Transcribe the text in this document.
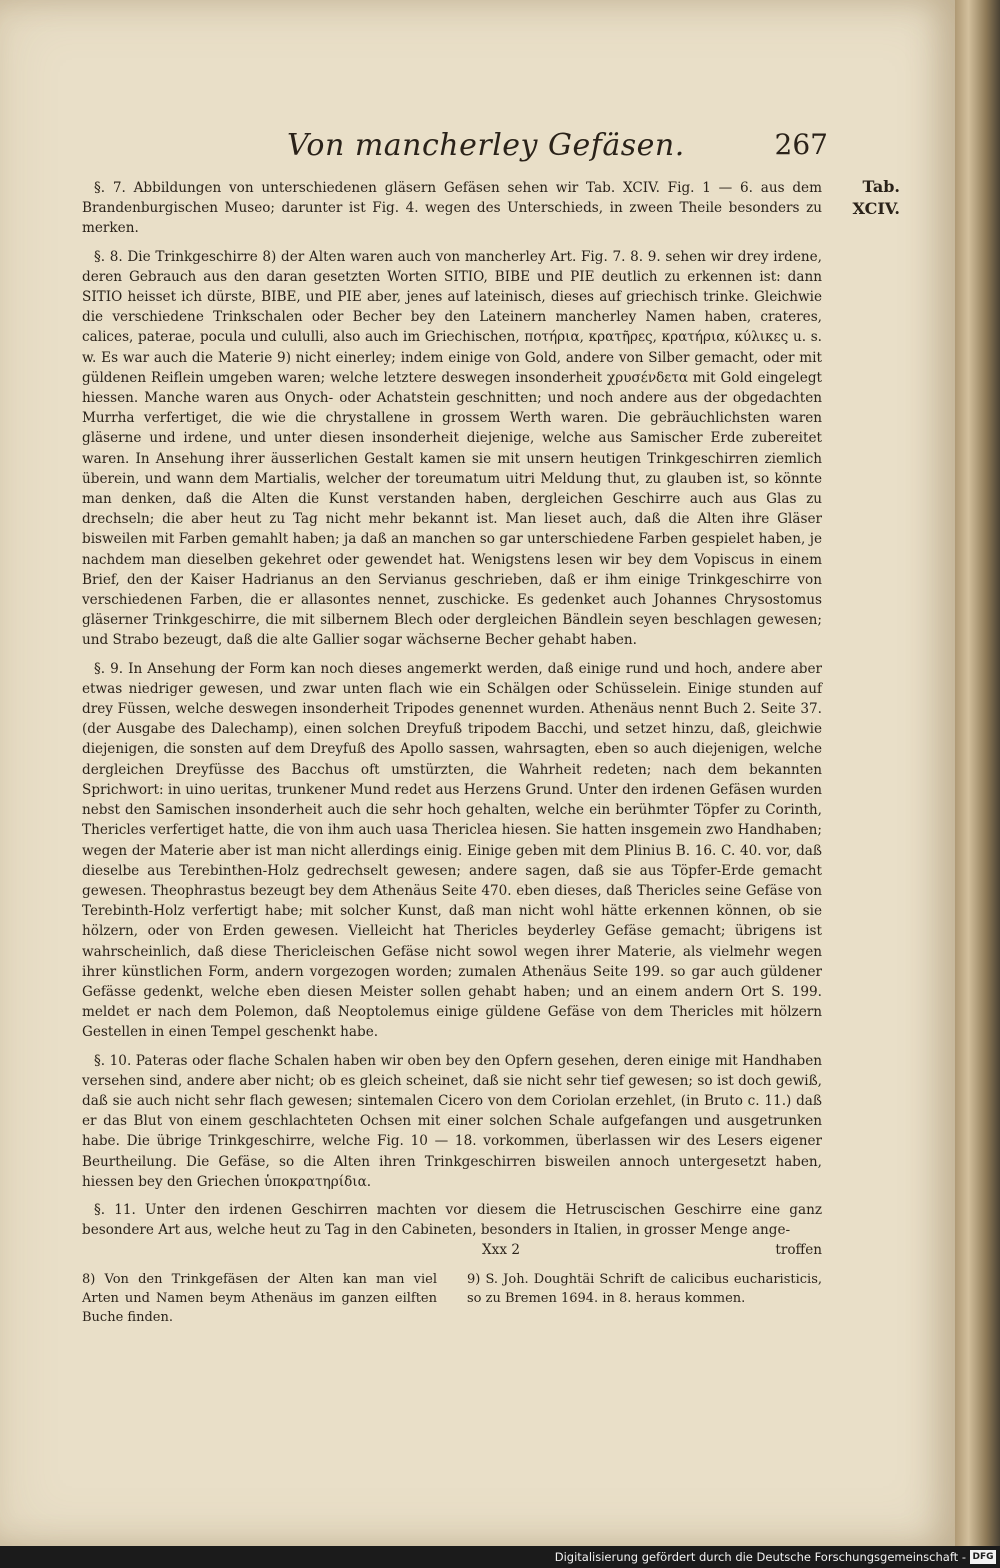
Von mancherley Gefäsen.	267
Tab.
XCIV.

§. 7. Abbildungen von unterschiedenen gläsern Gefäsen sehen wir Tab. XCIV. Fig. 1 — 6. aus dem Brandenburgischen Museo; darunter ist Fig. 4. wegen des Unterschieds, in zween Theile besonders zu merken.

§. 8. Die Trinkgeschirre 8) der Alten waren auch von mancherley Art. Fig. 7. 8. 9. sehen wir drey irdene, deren Gebrauch aus den daran gesetzten Worten SITIO, BIBE und PIE deutlich zu erkennen ist: dann SITIO heisset ich dürste, BIBE, und PIE aber, jenes auf lateinisch, dieses auf griechisch trinke. Gleichwie die verschiedene Trinkschalen oder Becher bey den Lateinern mancherley Namen haben, crateres, calices, paterae, pocula und cululli, also auch im Griechischen, ποτήρια, κρατῆρες, κρατήρια, κύλικες u. s. w. Es war auch die Materie 9) nicht einerley; indem einige von Gold, andere von Silber gemacht, oder mit güldenen Reiflein umgeben waren; welche letztere deswegen insonderheit χρυσένδετα mit Gold eingelegt hiessen. Manche waren aus Onych- oder Achatstein geschnitten; und noch andere aus der obgedachten Murrha verfertiget, die wie die chrystallene in grossem Werth waren. Die gebräuchlichsten waren gläserne und irdene, und unter diesen insonderheit diejenige, welche aus Samischer Erde zubereitet waren. In Ansehung ihrer äusserlichen Gestalt kamen sie mit unsern heutigen Trinkgeschirren ziemlich überein, und wann dem Martialis, welcher der toreumatum uitri Meldung thut, zu glauben ist, so könnte man denken, daß die Alten die Kunst verstanden haben, dergleichen Geschirre auch aus Glas zu drechseln; die aber heut zu Tag nicht mehr bekannt ist. Man lieset auch, daß die Alten ihre Gläser bisweilen mit Farben gemahlt haben; ja daß an manchen so gar unterschiedene Farben gespielet haben, je nachdem man dieselben gekehret oder gewendet hat. Wenigstens lesen wir bey dem Vopiscus in einem Brief, den der Kaiser Hadrianus an den Servianus geschrieben, daß er ihm einige Trinkgeschirre von verschiedenen Farben, die er allasontes nennet, zuschicke. Es gedenket auch Johannes Chrysostomus gläserner Trinkgeschirre, die mit silbernem Blech oder dergleichen Bändlein seyen beschlagen gewesen; und Strabo bezeugt, daß die alte Gallier sogar wächserne Becher gehabt haben.

§. 9. In Ansehung der Form kan noch dieses angemerkt werden, daß einige rund und hoch, andere aber etwas niedriger gewesen, und zwar unten flach wie ein Schälgen oder Schüsselein. Einige stunden auf drey Füssen, welche deswegen insonderheit Tripodes genennet wurden. Athenäus nennt Buch 2. Seite 37. (der Ausgabe des Dalechamp), einen solchen Dreyfuß tripodem Bacchi, und setzet hinzu, daß, gleichwie diejenigen, die sonsten auf dem Dreyfuß des Apollo sassen, wahrsagten, eben so auch diejenigen, welche dergleichen Dreyfüsse des Bacchus oft umstürzten, die Wahrheit redeten; nach dem bekannten Sprichwort: in uino ueritas, trunkener Mund redet aus Herzens Grund. Unter den irdenen Gefäsen wurden nebst den Samischen insonderheit auch die sehr hoch gehalten, welche ein berühmter Töpfer zu Corinth, Thericles verfertiget hatte, die von ihm auch uasa Thericlea hiesen. Sie hatten insgemein zwo Handhaben; wegen der Materie aber ist man nicht allerdings einig. Einige geben mit dem Plinius B. 16. C. 40. vor, daß dieselbe aus Terebinthen-Holz gedrechselt gewesen; andere sagen, daß sie aus Töpfer-Erde gemacht gewesen. Theophrastus bezeugt bey dem Athenäus Seite 470. eben dieses, daß Thericles seine Gefäse von Terebinth-Holz verfertigt habe; mit solcher Kunst, daß man nicht wohl hätte erkennen können, ob sie hölzern, oder von Erden gewesen. Vielleicht hat Thericles beyderley Gefäse gemacht; übrigens ist wahrscheinlich, daß diese Thericleischen Gefäse nicht sowol wegen ihrer Materie, als vielmehr wegen ihrer künstlichen Form, andern vorgezogen worden; zumalen Athenäus Seite 199. so gar auch güldener Gefässe gedenkt, welche eben diesen Meister sollen gehabt haben; und an einem andern Ort S. 199. meldet er nach dem Polemon, daß Neoptolemus einige güldene Gefäse von dem Thericles mit hölzern Gestellen in einen Tempel geschenkt habe.

§. 10. Pateras oder flache Schalen haben wir oben bey den Opfern gesehen, deren einige mit Handhaben versehen sind, andere aber nicht; ob es gleich scheinet, daß sie nicht sehr tief gewesen; so ist doch gewiß, daß sie auch nicht sehr flach gewesen; sintemalen Cicero von dem Coriolan erzehlet, (in Bruto c. 11.) daß er das Blut von einem geschlachteten Ochsen mit einer solchen Schale aufgefangen und ausgetrunken habe. Die übrige Trinkgeschirre, welche Fig. 10 — 18. vorkommen, überlassen wir des Lesers eigener Beurtheilung. Die Gefäse, so die Alten ihren Trinkgeschirren bisweilen annoch untergesetzt haben, hiessen bey den Griechen ὑποκρατηρίδια.

§. 11. Unter den irdenen Geschirren machten vor diesem die Hetruscischen Geschirre eine ganz besondere Art aus, welche heut zu Tag in den Cabineten, besonders in Italien, in grosser Menge ange-

Xxx 2	troffen
8) Von den Trinkgefäsen der Alten kan man viel Arten und Namen beym Athenäus im ganzen eilften Buche finden.
9) S. Joh. Doughtäi Schrift de calicibus eucharisticis, so zu Bremen 1694. in 8. heraus kommen.
Digitalisierung gefördert durch die Deutsche Forschungsgemeinschaft - DFG
